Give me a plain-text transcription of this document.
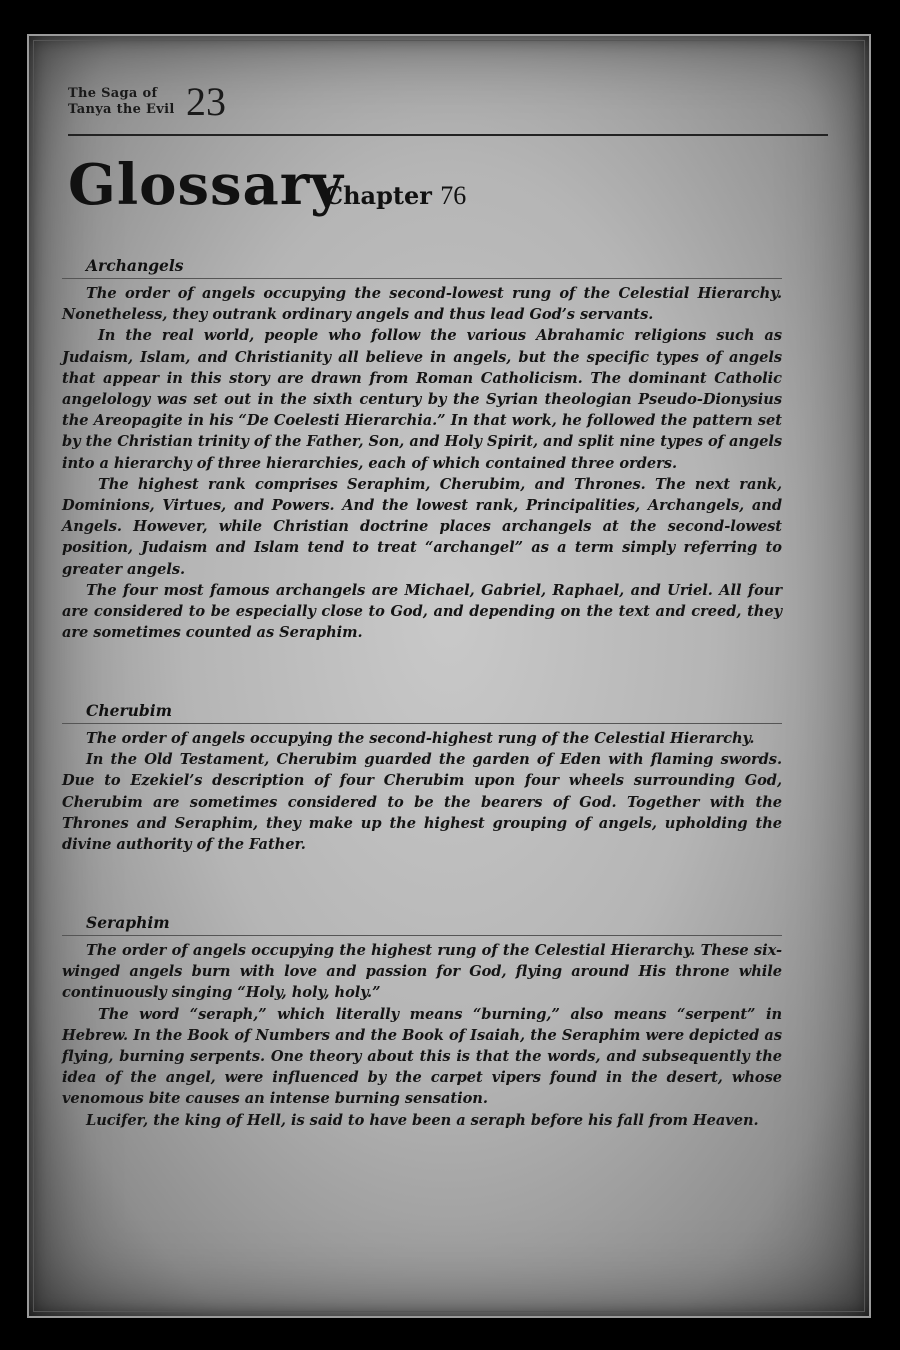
The Saga of
Tanya the Evil 23
Glossary
Chapter 76
Archangels

The order of angels occupying the second-lowest rung of the Celestial Hierarchy. Nonetheless, they outrank ordinary angels and thus lead God’s servants.

In the real world, people who follow the various Abrahamic religions such as Judaism, Islam, and Christianity all believe in angels, but the specific types of angels that appear in this story are drawn from Roman Catholicism. The dominant Catholic angelology was set out in the sixth century by the Syrian theologian Pseudo-Dionysius the Areopagite in his “De Coelesti Hierarchia.” In that work, he followed the pattern set by the Christian trinity of the Father, Son, and Holy Spirit, and split nine types of angels into a hierarchy of three hierarchies, each of which contained three orders.

The highest rank comprises Seraphim, Cherubim, and Thrones. The next rank, Dominions, Virtues, and Powers. And the lowest rank, Principalities, Archangels, and Angels. However, while Christian doctrine places archangels at the second-lowest position, Judaism and Islam tend to treat “archangel” as a term simply referring to greater angels.

The four most famous archangels are Michael, Gabriel, Raphael, and Uriel. All four are considered to be especially close to God, and depending on the text and creed, they are sometimes counted as Seraphim.

Cherubim

The order of angels occupying the second-highest rung of the Celestial Hierarchy.

In the Old Testament, Cherubim guarded the garden of Eden with flaming swords. Due to Ezekiel’s description of four Cherubim upon four wheels surrounding God, Cherubim are sometimes considered to be the bearers of God. Together with the Thrones and Seraphim, they make up the highest grouping of angels, upholding the divine authority of the Father.

Seraphim

The order of angels occupying the highest rung of the Celestial Hierarchy. These six-winged angels burn with love and passion for God, flying around His throne while continuously singing “Holy, holy, holy.”

The word “seraph,” which literally means “burning,” also means “serpent” in Hebrew. In the Book of Numbers and the Book of Isaiah, the Seraphim were depicted as flying, burning serpents. One theory about this is that the words, and subsequently the idea of the angel, were influenced by the carpet vipers found in the desert, whose venomous bite causes an intense burning sensation.

Lucifer, the king of Hell, is said to have been a seraph before his fall from Heaven.
